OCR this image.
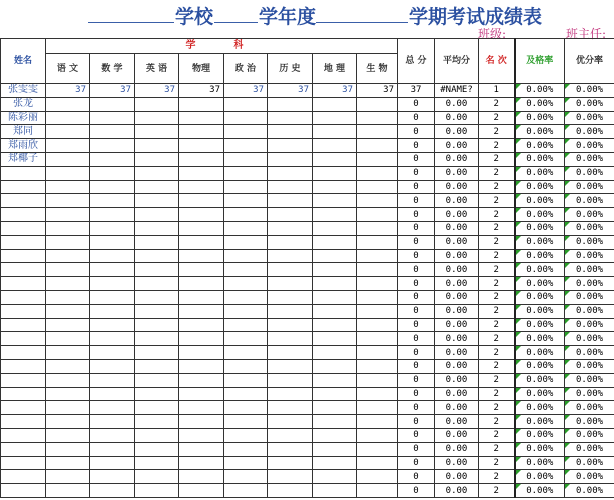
学校 学年度	学期考试成绩表
班级:	班主任:
姓名	学　科								总 分	平均分	名 次	及格率	优分率
	语 文	数 学	英 语	物理	政 治	历 史	地 理	生 物					
张雯雯	37	37	37	37	37	37	37	37	37	#NAME?	1	0.00%	0.00%
张龙									0	0.00	2	0.00%	0.00%
陈彩丽									0	0.00	2	0.00%	0.00%
郑同									0	0.00	2	0.00%	0.00%
郑雨欣									0	0.00	2	0.00%	0.00%
郑椰子									0	0.00	2	0.00%	0.00%
									0	0.00	2	0.00%	0.00%
									0	0.00	2	0.00%	0.00%
									0	0.00	2	0.00%	0.00%
									0	0.00	2	0.00%	0.00%
									0	0.00	2	0.00%	0.00%
									0	0.00	2	0.00%	0.00%
									0	0.00	2	0.00%	0.00%
									0	0.00	2	0.00%	0.00%
									0	0.00	2	0.00%	0.00%
									0	0.00	2	0.00%	0.00%
									0	0.00	2	0.00%	0.00%
									0	0.00	2	0.00%	0.00%
									0	0.00	2	0.00%	0.00%
									0	0.00	2	0.00%	0.00%
									0	0.00	2	0.00%	0.00%
									0	0.00	2	0.00%	0.00%
									0	0.00	2	0.00%	0.00%
									0	0.00	2	0.00%	0.00%
									0	0.00	2	0.00%	0.00%
									0	0.00	2	0.00%	0.00%
									0	0.00	2	0.00%	0.00%
									0	0.00	2	0.00%	0.00%
									0	0.00	2	0.00%	0.00%
									0	0.00	2	0.00%	0.00%
